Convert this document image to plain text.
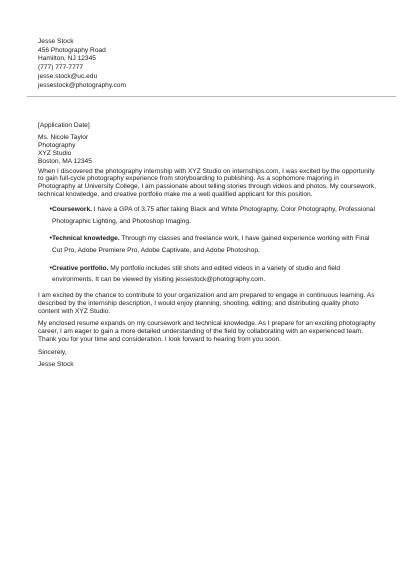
Jesse Stock
456 Photography Road
Hamilton, NJ 12345
(777) 777-7777
jesse.stock@uc.edu
jessestock@photography.com

[Application Date]

Ms. Nicole Taylor
Photography
XYZ Studio
Boston, MA 12345

When I discovered the photography internship with XYZ Studio on internships.com, I was excited by the opportunity to gain full-cycle photography experience from storyboarding to publishing. As a sophomore majoring in Photography at University College, I am passionate about telling stories through videos and photos. My coursework, technical knowledge, and creative portfolio make me a well qualified applicant for this position.

• Coursework. I have a GPA of 3.75 after taking Black and White Photography, Color Photography, Professional Photographic Lighting, and Photoshop Imaging.
• Technical knowledge. Through my classes and freelance work, I have gained experience working with Final Cut Pro, Adobe Premiere Pro, Adobe Captivate, and Adobe Photoshop.
• Creative portfolio. My portfolio includes still shots and edited videos in a variety of studio and field environments. It can be viewed by visiting jessestock@photography.com.

I am excited by the chance to contribute to your organization and am prepared to engage in continuous learning. As described by the internship description, I would enjoy planning, shooting, editing, and distributing quality photo content with XYZ Studio.

My enclosed resume expands on my coursework and technical knowledge. As I prepare for an exciting photography career, I am eager to gain a more detailed understanding of the field by collaborating with an experienced team. Thank you for your time and consideration. I look forward to hearing from you soon.

Sincerely,

Jesse Stock
